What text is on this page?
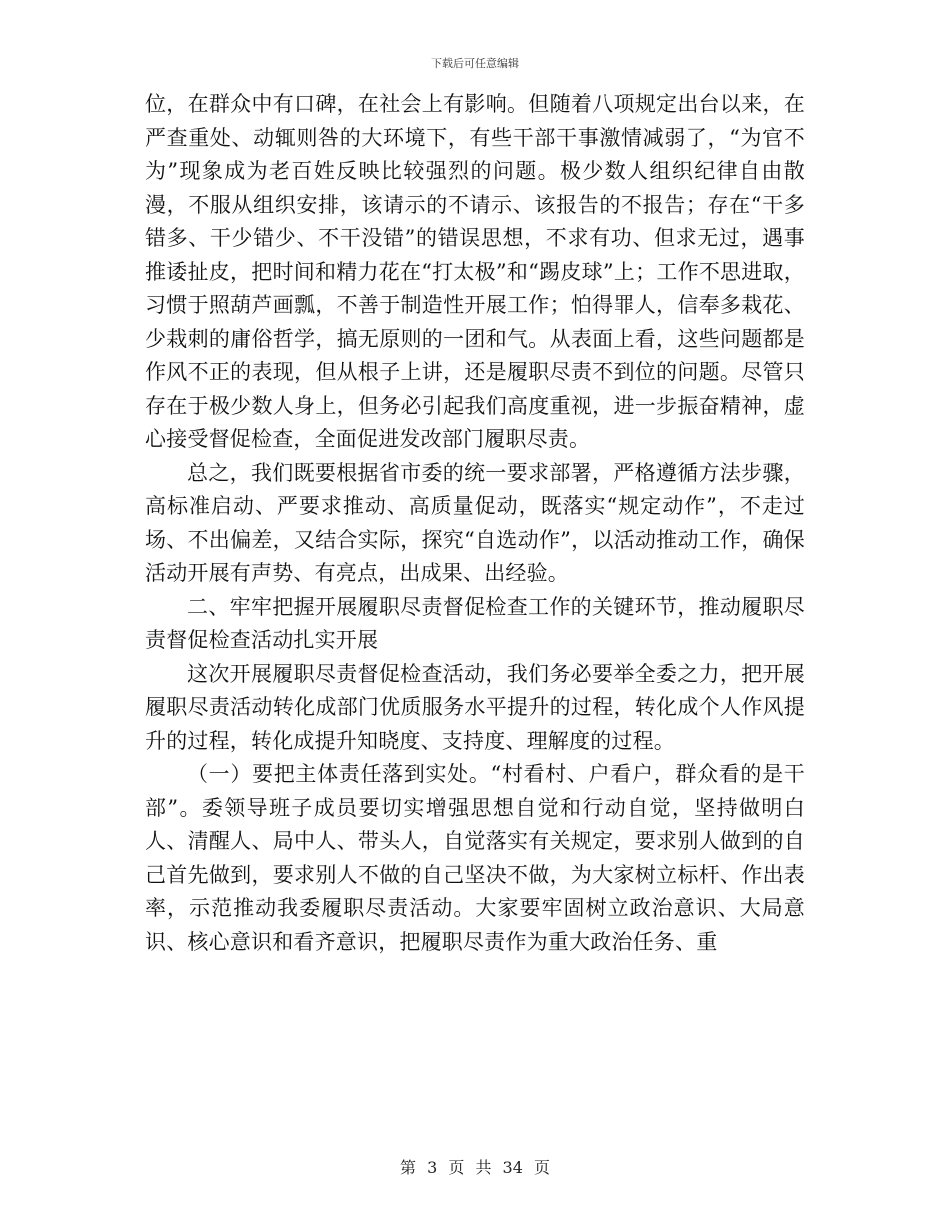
下载后可任意编辑

位，在群众中有口碑，在社会上有影响。但随着八项规定出台以来，在严查重处、动辄则咎的大环境下，有些干部干事激情减弱了，“为官不为”现象成为老百姓反映比较强烈的问题。极少数人组织纪律自由散漫，不服从组织安排，该请示的不请示、该报告的不报告；存在“干多错多、干少错少、不干没错”的错误思想，不求有功、但求无过，遇事推诿扯皮，把时间和精力花在“打太极”和“踢皮球”上；工作不思进取，习惯于照葫芦画瓢，不善于制造性开展工作；怕得罪人，信奉多栽花、少栽刺的庸俗哲学，搞无原则的一团和气。从表面上看，这些问题都是作风不正的表现，但从根子上讲，还是履职尽责不到位的问题。尽管只存在于极少数人身上，但务必引起我们高度重视，进一步振奋精神，虚心接受督促检查，全面促进发改部门履职尽责。

总之，我们既要根据省市委的统一要求部署，严格遵循方法步骤，高标准启动、严要求推动、高质量促动，既落实“规定动作”，不走过场、不出偏差，又结合实际，探究“自选动作”，以活动推动工作，确保活动开展有声势、有亮点，出成果、出经验。

二、牢牢把握开展履职尽责督促检查工作的关键环节，推动履职尽责督促检查活动扎实开展

这次开展履职尽责督促检查活动，我们务必要举全委之力，把开展履职尽责活动转化成部门优质服务水平提升的过程，转化成个人作风提升的过程，转化成提升知晓度、支持度、理解度的过程。

（一）要把主体责任落到实处。“村看村、户看户，群众看的是干部”。委领导班子成员要切实增强思想自觉和行动自觉，坚持做明白人、清醒人、局中人、带头人，自觉落实有关规定，要求别人做到的自己首先做到，要求别人不做的自己坚决不做，为大家树立标杆、作出表率，示范推动我委履职尽责活动。大家要牢固树立政治意识、大局意识、核心意识和看齐意识，把履职尽责作为重大政治任务、重

第 3 页 共 34 页
